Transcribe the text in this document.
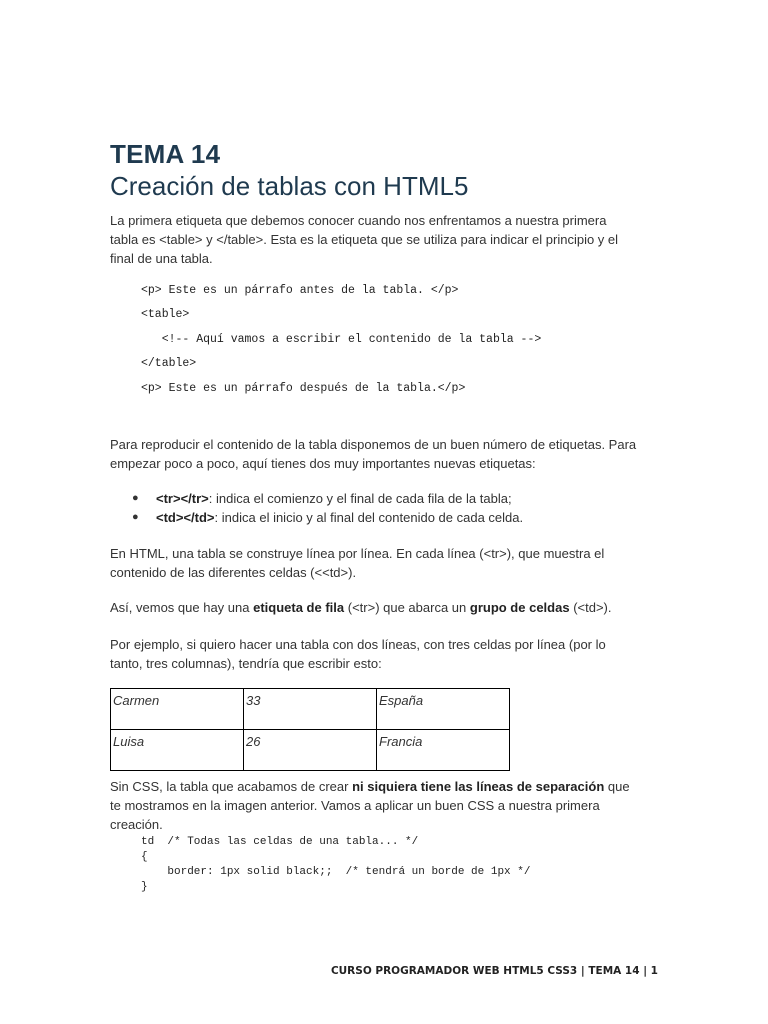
TEMA 14
Creación de tablas con HTML5

La primera etiqueta que debemos conocer cuando nos enfrentamos a nuestra primera
tabla es <table> y </table>. Esta es la etiqueta que se utiliza para indicar el principio y el
final de una tabla.

<p> Este es un párrafo antes de la tabla. </p>
<table>
<!-- Aquí vamos a escribir el contenido de la tabla -->
</table>
<p> Este es un párrafo después de la tabla.</p>

Para reproducir el contenido de la tabla disponemos de un buen número de etiquetas. Para
empezar poco a poco, aquí tienes dos muy importantes nuevas etiquetas:

● <tr></tr>: indica el comienzo y el final de cada fila de la tabla;
● <td></td>: indica el inicio y al final del contenido de cada celda.

En HTML, una tabla se construye línea por línea. En cada línea (<tr>), que muestra el
contenido de las diferentes celdas (<<td>).

Así, vemos que hay una etiqueta de fila (<tr>) que abarca un grupo de celdas (<td>).

Por ejemplo, si quiero hacer una tabla con dos líneas, con tres celdas por línea (por lo
tanto, tres columnas), tendría que escribir esto:

Carmen	33	España
Luisa	26	Francia

Sin CSS, la tabla que acabamos de crear ni siquiera tiene las líneas de separación que
te mostramos en la imagen anterior. Vamos a aplicar un buen CSS a nuestra primera
creación.

td  /* Todas las celdas de una tabla... */
{
border: 1px solid black;;  /* tendrá un borde de 1px */
}
CURSO PROGRAMADOR WEB HTML5 CSS3 | TEMA 14 | 1
